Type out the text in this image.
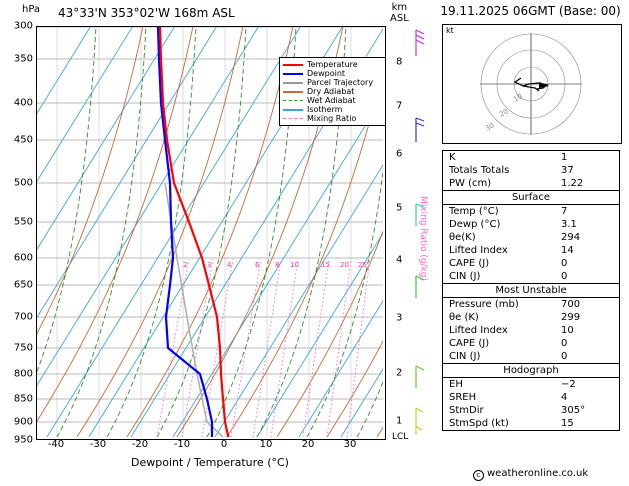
hPa 43°33'N 353°02'W 168m ASL	km
ASL
300
350
400
450
500
550
600
650
700
750
800
850
900
950
2	3 4	6 8 10	15 20 25
Temperature
Dewpoint
Parcel Trajectory
Dry Adiabat
Wet Adiabat
Isotherm
Mixing Ratio
-40	-30	-20	-10	0	10	20	30
Dewpoint / Temperature (°C)
1
2
3
4
5
6
7
8
LCL
Mixing Ratio (g/kg)
19.11.2025 06GMT (Base: 00)
kt
10
20
30
K	1
Totals Totals	37
PW (cm)	1.22
Surface
Temp (°C)	7
Dewp (°C)	3.1
θe(K)	294
Lifted Index	14
CAPE (J)	0
CIN (J)	0
Most Unstable
Pressure (mb)	700
θe (K)	299
Lifted Index	10
CAPE (J)	0
CIN (J)	0
Hodograph
EH	−2
SREH	4
StmDir	305°
StmSpd (kt)	15
c weatheronline.co.uk
